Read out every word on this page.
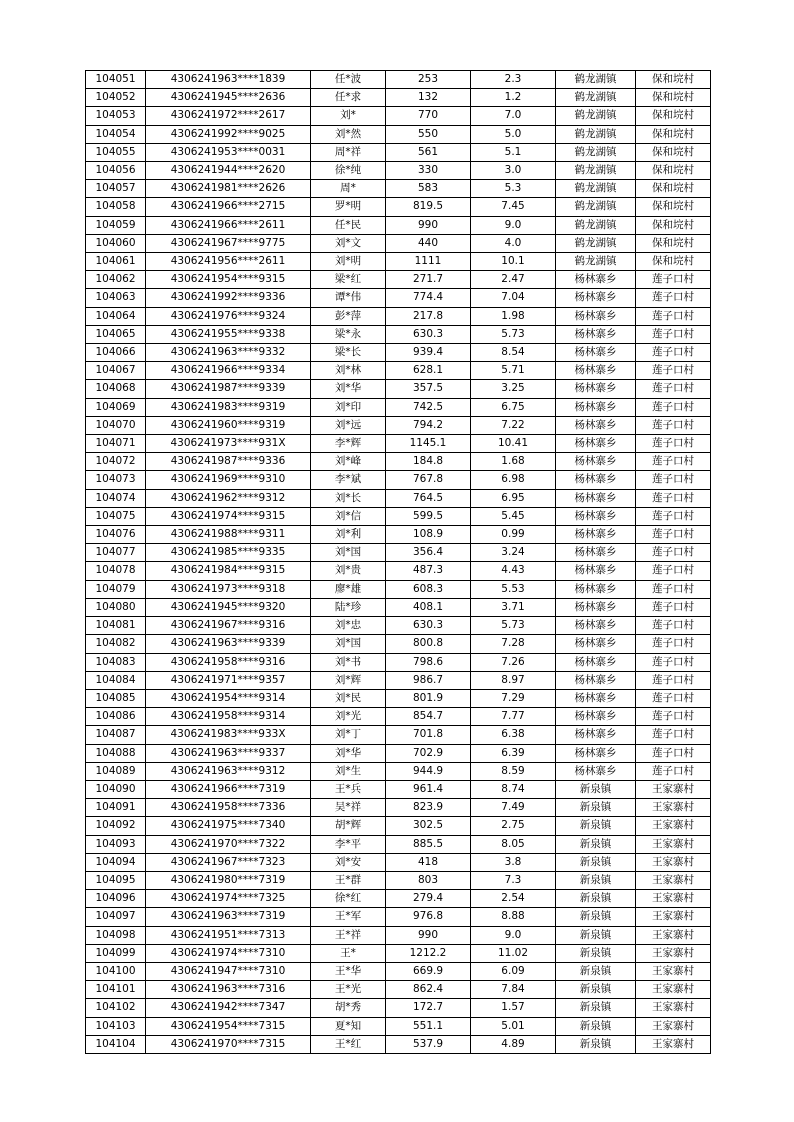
104051	4306241963****1839	任*波	253	2.3	鹤龙湖镇	保和垸村
104052	4306241945****2636	任*求	132	1.2	鹤龙湖镇	保和垸村
104053	4306241972****2617	刘*	770	7.0	鹤龙湖镇	保和垸村
104054	4306241992****9025	刘*然	550	5.0	鹤龙湖镇	保和垸村
104055	4306241953****0031	周*祥	561	5.1	鹤龙湖镇	保和垸村
104056	4306241944****2620	徐*纯	330	3.0	鹤龙湖镇	保和垸村
104057	4306241981****2626	周*	583	5.3	鹤龙湖镇	保和垸村
104058	4306241966****2715	罗*明	819.5	7.45	鹤龙湖镇	保和垸村
104059	4306241966****2611	任*民	990	9.0	鹤龙湖镇	保和垸村
104060	4306241967****9775	刘*文	440	4.0	鹤龙湖镇	保和垸村
104061	4306241956****2611	刘*明	1111	10.1	鹤龙湖镇	保和垸村
104062	4306241954****9315	梁*红	271.7	2.47	杨林寨乡	莲子口村
104063	4306241992****9336	谭*伟	774.4	7.04	杨林寨乡	莲子口村
104064	4306241976****9324	彭*萍	217.8	1.98	杨林寨乡	莲子口村
104065	4306241955****9338	梁*永	630.3	5.73	杨林寨乡	莲子口村
104066	4306241963****9332	梁*长	939.4	8.54	杨林寨乡	莲子口村
104067	4306241966****9334	刘*林	628.1	5.71	杨林寨乡	莲子口村
104068	4306241987****9339	刘*华	357.5	3.25	杨林寨乡	莲子口村
104069	4306241983****9319	刘*印	742.5	6.75	杨林寨乡	莲子口村
104070	4306241960****9319	刘*远	794.2	7.22	杨林寨乡	莲子口村
104071	4306241973****931X	李*辉	1145.1	10.41	杨林寨乡	莲子口村
104072	4306241987****9336	刘*峰	184.8	1.68	杨林寨乡	莲子口村
104073	4306241969****9310	李*斌	767.8	6.98	杨林寨乡	莲子口村
104074	4306241962****9312	刘*长	764.5	6.95	杨林寨乡	莲子口村
104075	4306241974****9315	刘*信	599.5	5.45	杨林寨乡	莲子口村
104076	4306241988****9311	刘*利	108.9	0.99	杨林寨乡	莲子口村
104077	4306241985****9335	刘*国	356.4	3.24	杨林寨乡	莲子口村
104078	4306241984****9315	刘*贵	487.3	4.43	杨林寨乡	莲子口村
104079	4306241973****9318	廖*雄	608.3	5.53	杨林寨乡	莲子口村
104080	4306241945****9320	陆*珍	408.1	3.71	杨林寨乡	莲子口村
104081	4306241967****9316	刘*忠	630.3	5.73	杨林寨乡	莲子口村
104082	4306241963****9339	刘*国	800.8	7.28	杨林寨乡	莲子口村
104083	4306241958****9316	刘*书	798.6	7.26	杨林寨乡	莲子口村
104084	4306241971****9357	刘*辉	986.7	8.97	杨林寨乡	莲子口村
104085	4306241954****9314	刘*民	801.9	7.29	杨林寨乡	莲子口村
104086	4306241958****9314	刘*光	854.7	7.77	杨林寨乡	莲子口村
104087	4306241983****933X	刘*丁	701.8	6.38	杨林寨乡	莲子口村
104088	4306241963****9337	刘*华	702.9	6.39	杨林寨乡	莲子口村
104089	4306241963****9312	刘*生	944.9	8.59	杨林寨乡	莲子口村
104090	4306241966****7319	王*兵	961.4	8.74	新泉镇	王家寨村
104091	4306241958****7336	吴*祥	823.9	7.49	新泉镇	王家寨村
104092	4306241975****7340	胡*辉	302.5	2.75	新泉镇	王家寨村
104093	4306241970****7322	李*平	885.5	8.05	新泉镇	王家寨村
104094	4306241967****7323	刘*安	418	3.8	新泉镇	王家寨村
104095	4306241980****7319	王*群	803	7.3	新泉镇	王家寨村
104096	4306241974****7325	徐*红	279.4	2.54	新泉镇	王家寨村
104097	4306241963****7319	王*军	976.8	8.88	新泉镇	王家寨村
104098	4306241951****7313	王*祥	990	9.0	新泉镇	王家寨村
104099	4306241974****7310	王*	1212.2	11.02	新泉镇	王家寨村
104100	4306241947****7310	王*华	669.9	6.09	新泉镇	王家寨村
104101	4306241963****7316	王*光	862.4	7.84	新泉镇	王家寨村
104102	4306241942****7347	胡*秀	172.7	1.57	新泉镇	王家寨村
104103	4306241954****7315	夏*知	551.1	5.01	新泉镇	王家寨村
104104	4306241970****7315	王*红	537.9	4.89	新泉镇	王家寨村
